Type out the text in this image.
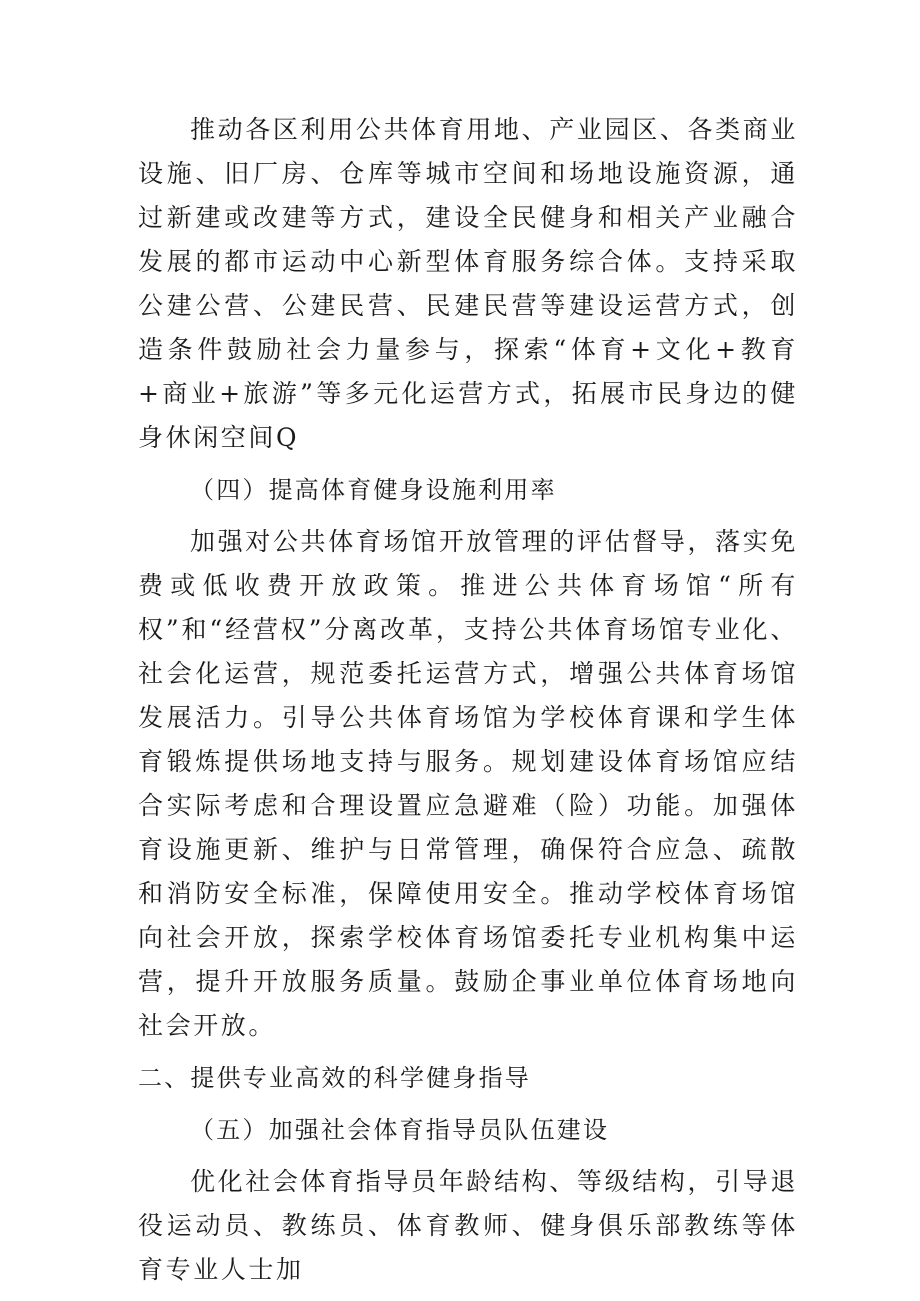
推动各区利用公共体育用地、产业园区、各类商业设施、旧厂房、仓库等城市空间和场地设施资源，通过新建或改建等方式，建设全民健身和相关产业融合发展的都市运动中心新型体育服务综合体。支持采取公建公营、公建民营、民建民营等建设运营方式，创造条件鼓励社会力量参与，探索“体育+文化+教育+商业+旅游”等多元化运营方式，拓展市民身边的健身休闲空间Q

（四）提高体育健身设施利用率

加强对公共体育场馆开放管理的评估督导，落实免费或低收费开放政策。推进公共体育场馆“所有权”和“经营权”分离改革，支持公共体育场馆专业化、社会化运营，规范委托运营方式，增强公共体育场馆发展活力。引导公共体育场馆为学校体育课和学生体育锻炼提供场地支持与服务。规划建设体育场馆应结合实际考虑和合理设置应急避难（险）功能。加强体育设施更新、维护与日常管理，确保符合应急、疏散和消防安全标准，保障使用安全。推动学校体育场馆向社会开放，探索学校体育场馆委托专业机构集中运营，提升开放服务质量。鼓励企事业单位体育场地向社会开放。

二、提供专业高效的科学健身指导

（五）加强社会体育指导员队伍建设

优化社会体育指导员年龄结构、等级结构，引导退役运动员、教练员、体育教师、健身俱乐部教练等体育专业人士加
